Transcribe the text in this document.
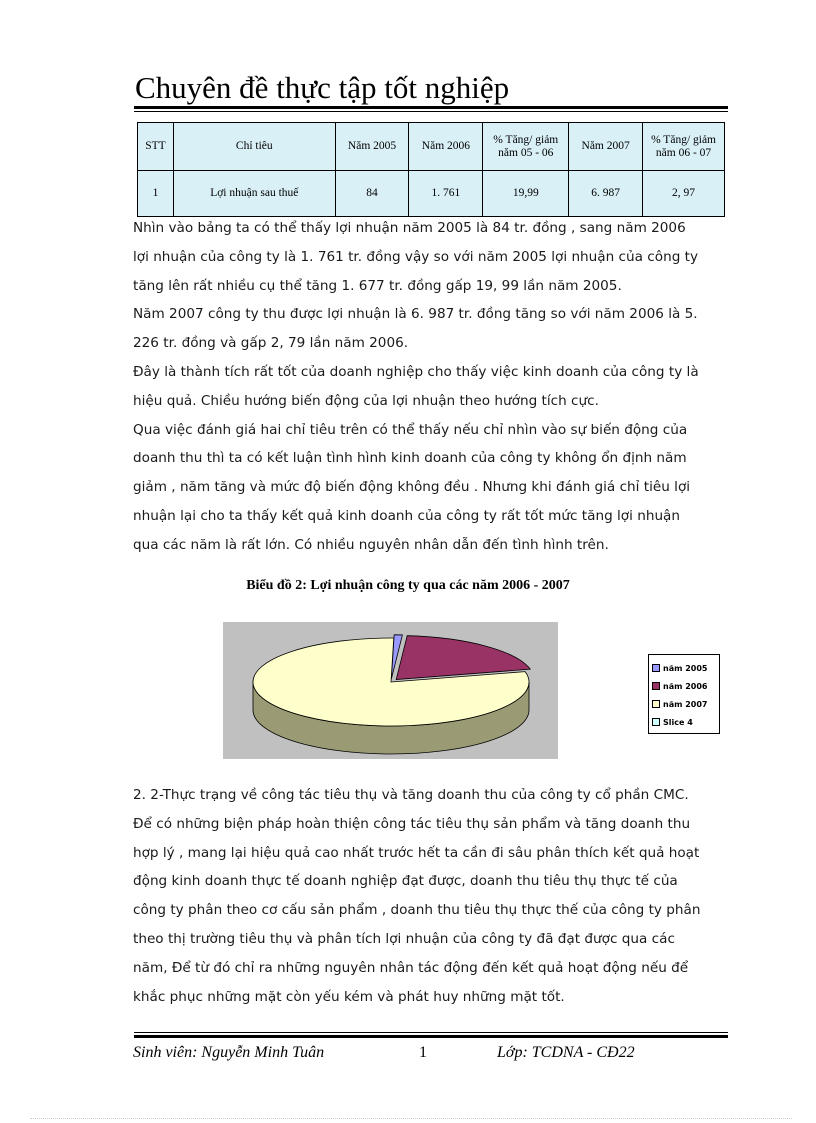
Chuyên đề thực tập tốt nghiệp
STT	Chỉ tiêu	Năm 2005	Năm 2006	% Tăng/ giảm năm 05 - 06	Năm 2007	% Tăng/ giảm năm 06 - 07
1	Lợi nhuận sau thuế	84	1. 761	19,99	6. 987	2, 97

Nhìn vào bảng ta có thể thấy lợi nhuận năm 2005 là 84 tr. đồng , sang năm 2006

lợi nhuận của công ty là 1. 761 tr. đồng vậy so với năm 2005 lợi nhuận của công ty

tăng lên rất nhiều cụ thể tăng 1. 677 tr. đồng gấp 19, 99 lần năm 2005.

Năm 2007 công ty thu được lợi nhuận là 6. 987 tr. đồng tăng so với năm 2006 là 5.

226 tr. đồng và gấp 2, 79 lần năm 2006.

Đây là thành tích rất tốt của doanh nghiệp cho thấy việc kinh doanh của công ty là

hiệu quả. Chiều hướng biến động của lợi nhuận theo hướng tích cực.

Qua việc đánh giá hai chỉ tiêu trên có thể thấy nếu chỉ nhìn vào sự biến động của

doanh thu thì ta có kết luận tình hình kinh doanh của công ty không ổn định năm

giảm , năm tăng và mức độ biến động không đều . Nhưng khi đánh giá chỉ tiêu lợi

nhuận lại cho ta thấy kết quả kinh doanh của công ty rất tốt mức tăng lợi nhuận

qua các năm là rất lớn. Có nhiều nguyên nhân dẫn đến tình hình trên.

Biểu đồ 2: Lợi nhuận công ty qua các năm 2006 - 2007
năm 2005
năm 2006
năm 2007
Slice 4

2. 2-Thực trạng về công tác tiêu thụ và tăng doanh thu của công ty cổ phần CMC.

Để có những biện pháp hoàn thiện công tác tiêu thụ sản phẩm và tăng doanh thu

hợp lý , mang lại hiệu quả cao nhất trước hết ta cần đi sâu phân thích kết quả hoạt

động kinh doanh thực tế doanh nghiệp đạt được, doanh thu tiêu thụ thực tế của

công ty phân theo cơ cấu sản phẩm , doanh thu tiêu thụ thực thế của công ty phân

theo thị trường tiêu thụ và phân tích lợi nhuận của công ty đã đạt được qua các

năm, Để từ đó chỉ ra những nguyên nhân tác động đến kết quả hoạt động nếu để

khắc phục những mặt còn yếu kém và phát huy những mặt tốt.

Sinh viên: Nguyễn Minh Tuân	1	Lớp: TCDNA - CĐ22
